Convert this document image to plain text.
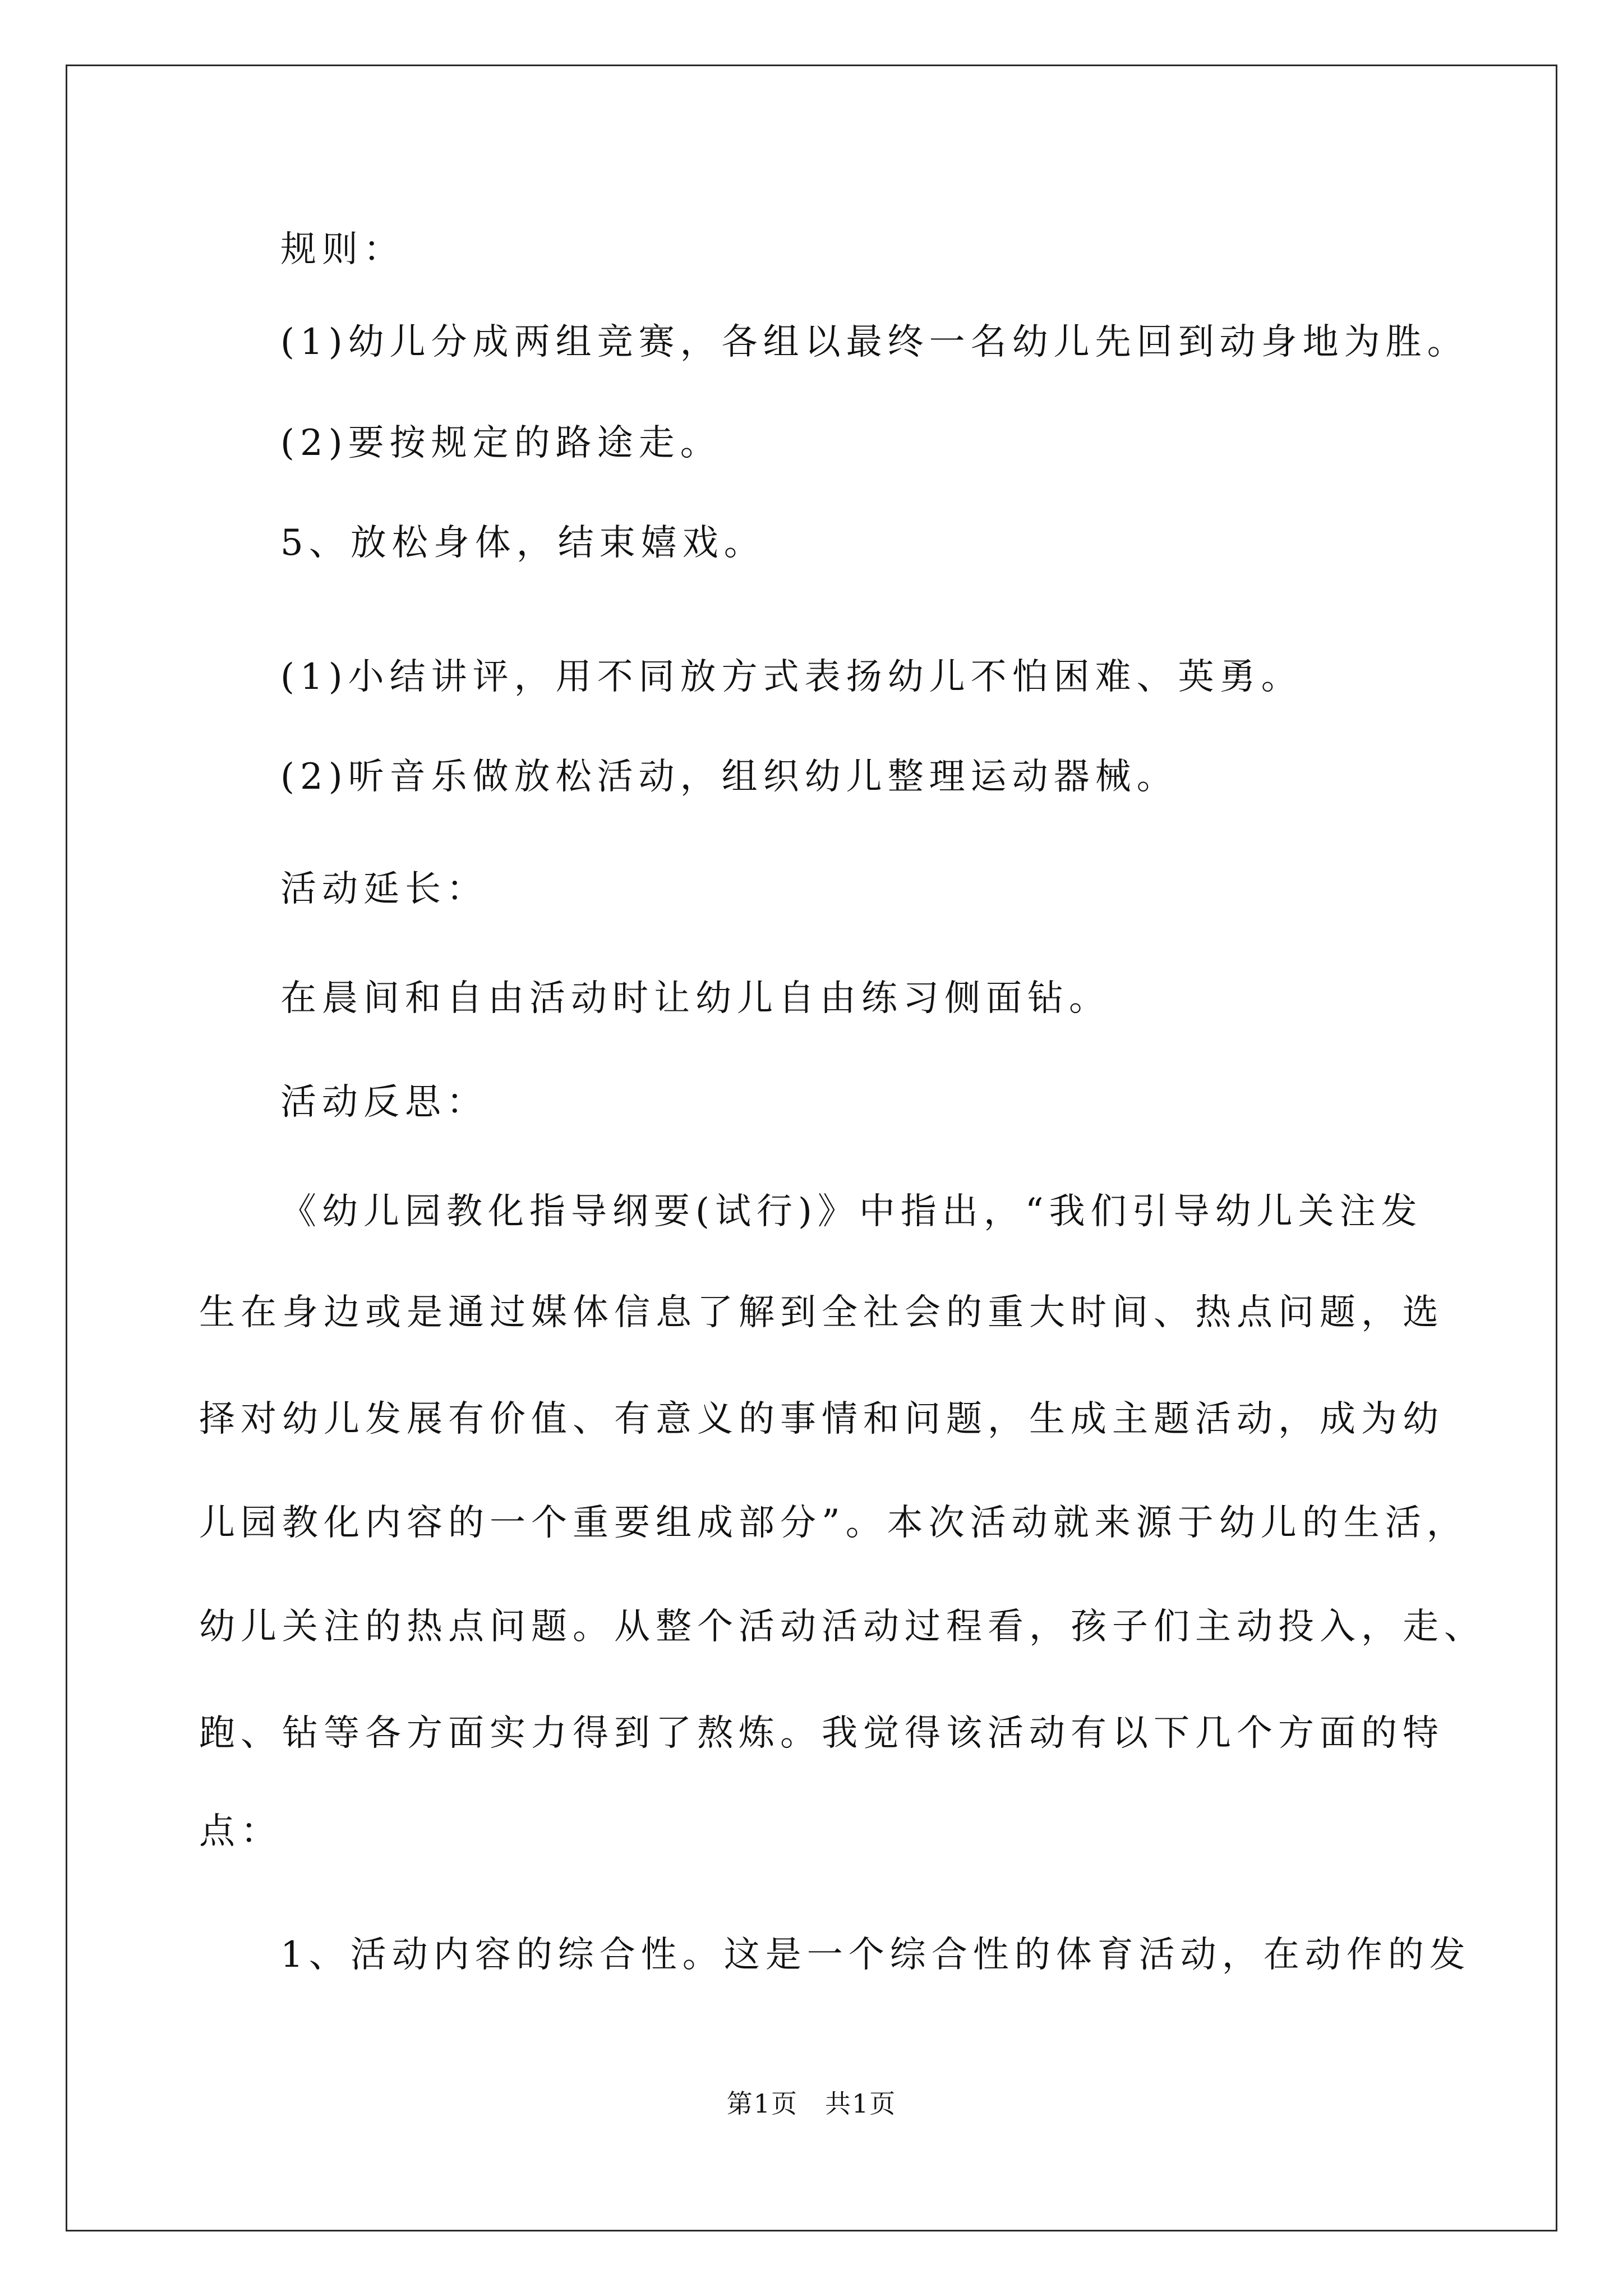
规则：
(1)幼儿分成两组竞赛，各组以最终一名幼儿先回到动身地为胜。
(2)要按规定的路途走。
5、放松身体，结束嬉戏。
(1)小结讲评，用不同放方式表扬幼儿不怕困难、英勇。
(2)听音乐做放松活动，组织幼儿整理运动器械。
活动延长：
在晨间和自由活动时让幼儿自由练习侧面钻。
活动反思：
《幼儿园教化指导纲要(试行)》中指出，“我们引导幼儿关注发
生在身边或是通过媒体信息了解到全社会的重大时间、热点问题，选
择对幼儿发展有价值、有意义的事情和问题，生成主题活动，成为幼
儿园教化内容的一个重要组成部分”。本次活动就来源于幼儿的生活，
幼儿关注的热点问题。从整个活动活动过程看，孩子们主动投入，走、
跑、钻等各方面实力得到了熬炼。我觉得该活动有以下几个方面的特
点：
1、活动内容的综合性。这是一个综合性的体育活动，在动作的发
第1页　共1页
